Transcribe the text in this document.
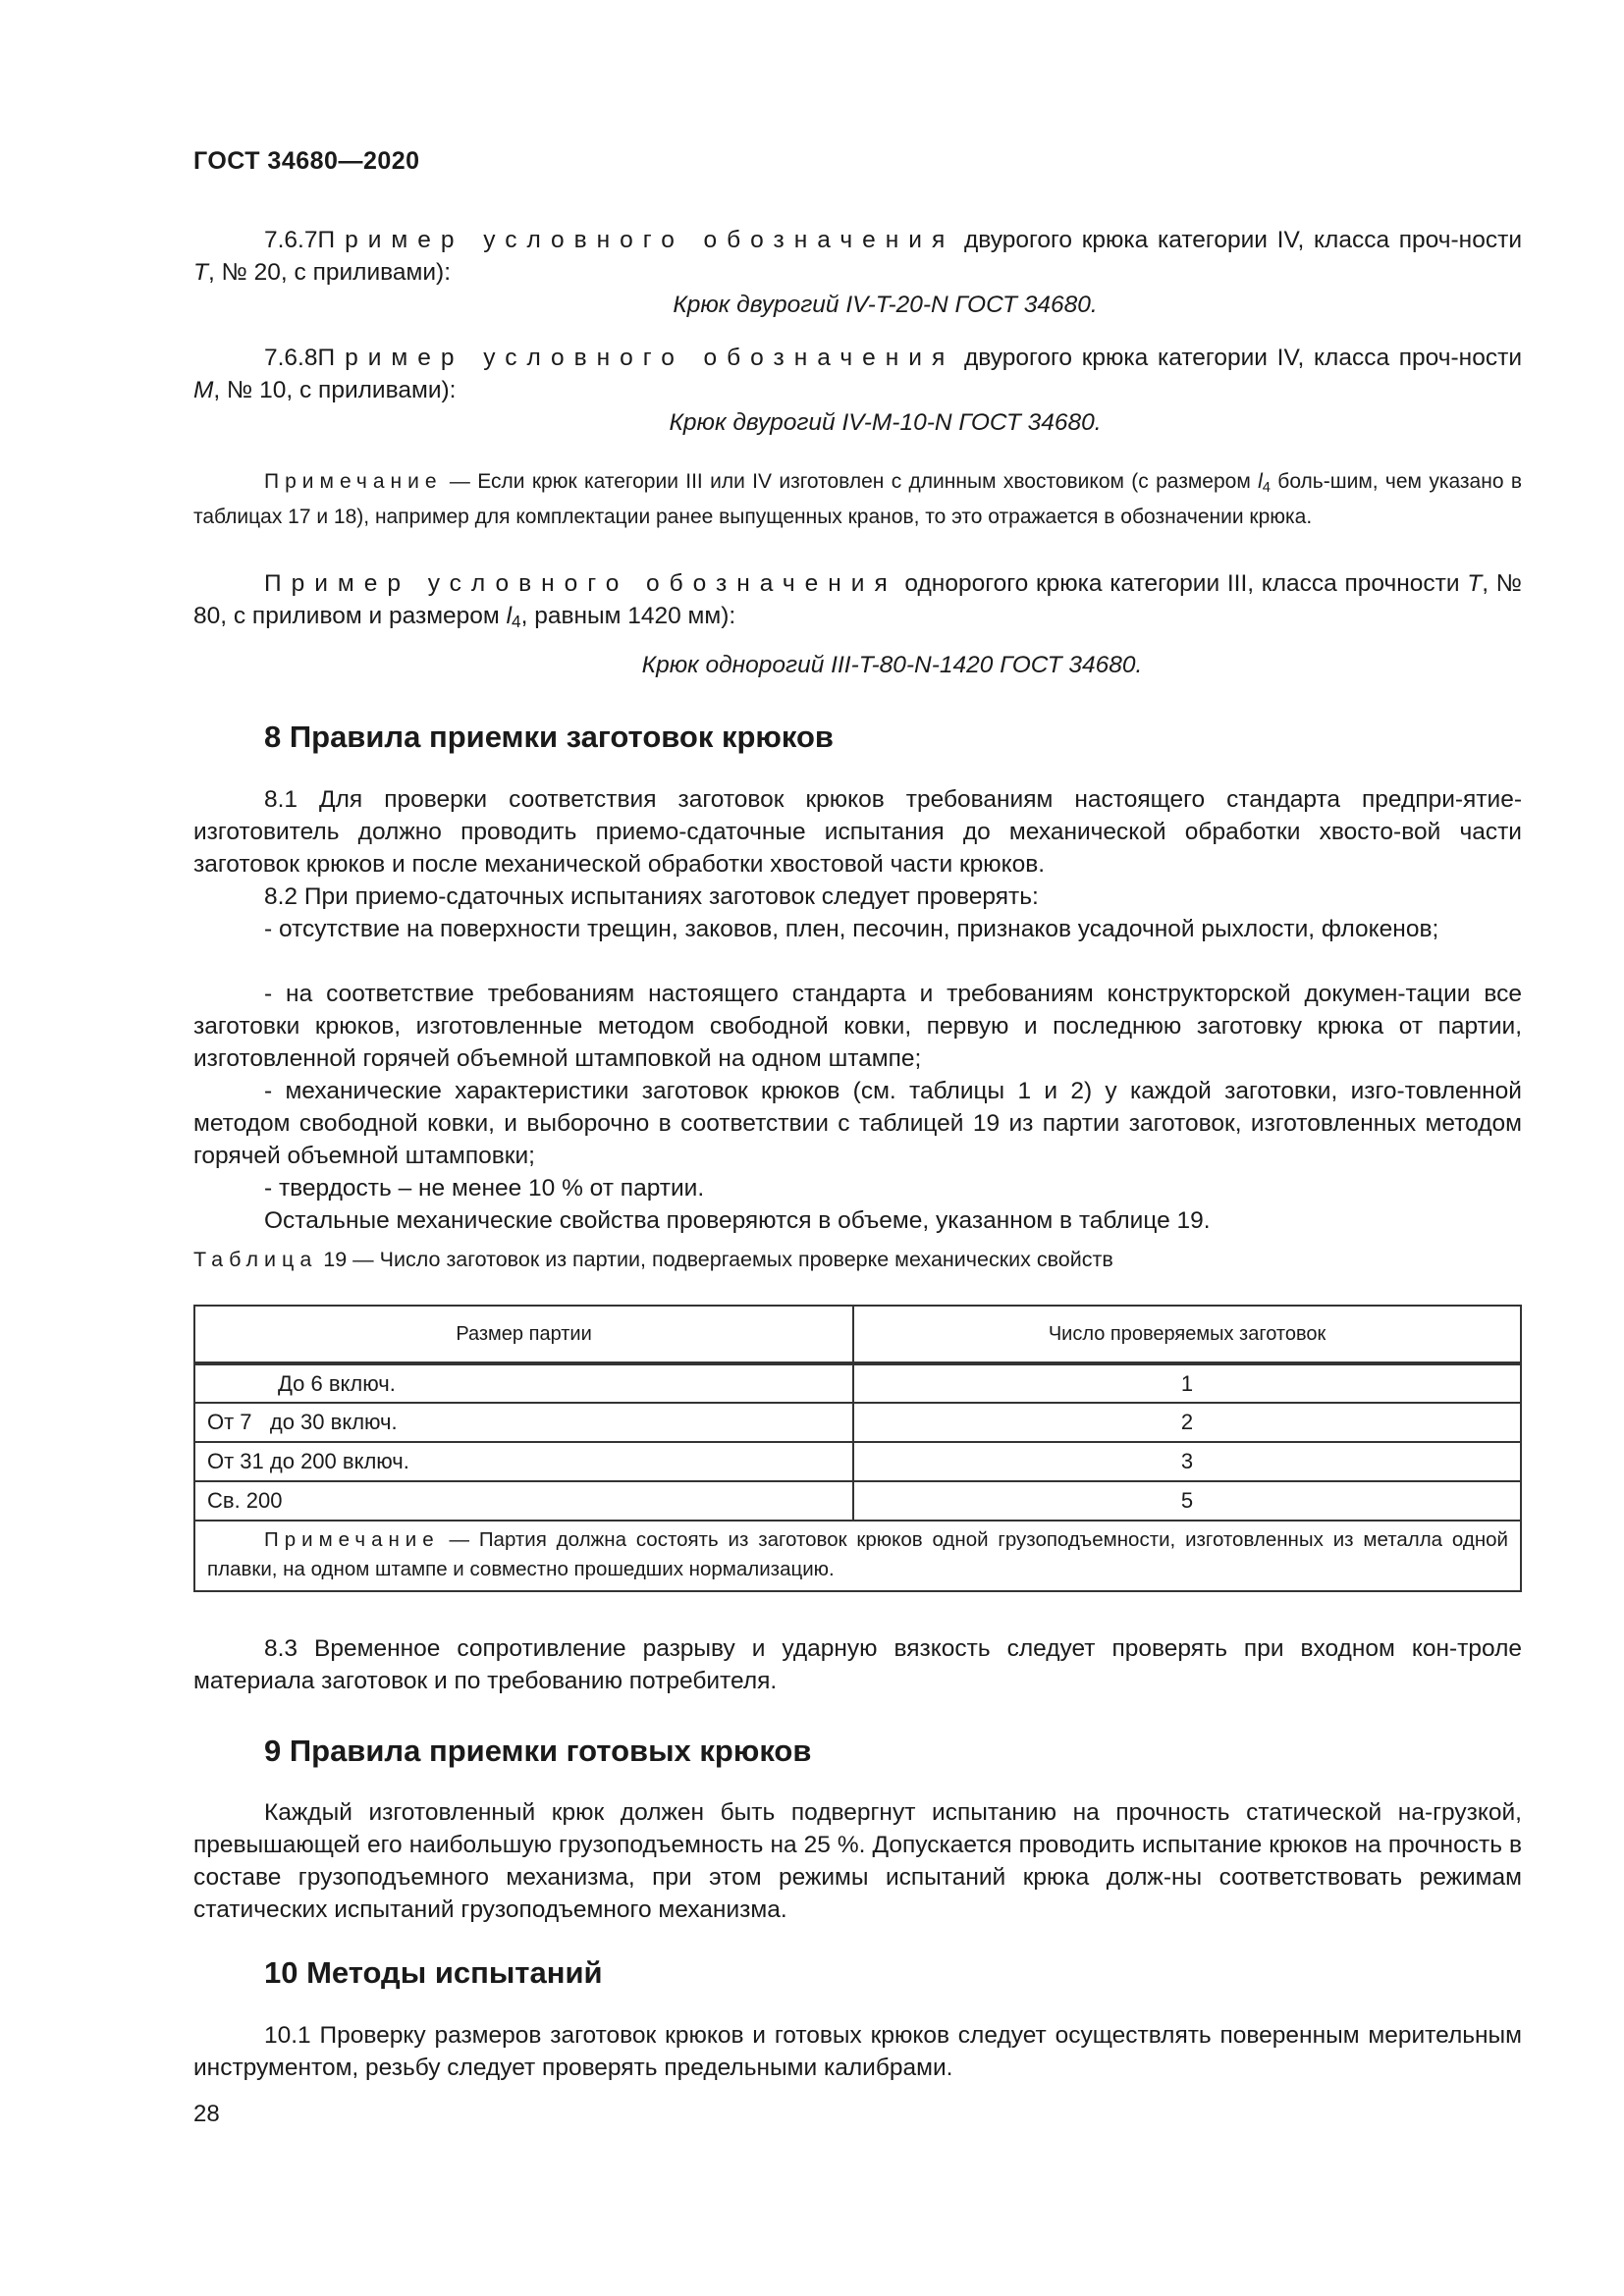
ГОСТ 34680—2020
7.6.7Пример условного обозначения двурогого крюка категории IV, класса проч-ности Т, № 20, с приливами):
Крюк двурогий IV-T-20-N ГОСТ 34680.
7.6.8Пример условного обозначения двурогого крюка категории IV, класса проч-ности М, № 10, с приливами):
Крюк двурогий IV-M-10-N ГОСТ 34680.
Примечание — Если крюк категории III или IV изготовлен с длинным хвостовиком (с размером $l_4$ боль-шим, чем указано в таблицах 17 и 18), например для комплектации ранее выпущенных кранов, то это отражается в обозначении крюка.
Пример условного обозначения однорогого крюка категории III, класса прочности Т, № 80, с приливом и размером $l_4$, равным 1420 мм):
Крюк однорогий III-T-80-N-1420 ГОСТ 34680.
8 Правила приемки заготовок крюков
8.1 Для проверки соответствия заготовок крюков требованиям настоящего стандарта предпри-ятие-изготовитель должно проводить приемо-сдаточные испытания до механической обработки хвосто-вой части заготовок крюков и после механической обработки хвостовой части крюков.
8.2 При приемо-сдаточных испытаниях заготовок следует проверять:
- отсутствие на поверхности трещин, заковов, плен, песочин, признаков усадочной рыхлости, флокенов;
- на соответствие требованиям настоящего стандарта и требованиям конструкторской докумен-тации все заготовки крюков, изготовленные методом свободной ковки, первую и последнюю заготовку крюка от партии, изготовленной горячей объемной штамповкой на одном штампе;
- механические характеристики заготовок крюков (см. таблицы 1 и 2) у каждой заготовки, изго-товленной методом свободной ковки, и выборочно в соответствии с таблицей 19 из партии заготовок, изготовленных методом горячей объемной штамповки;
- твердость – не менее 10 % от партии.
Остальные механические свойства проверяются в объеме, указанном в таблице 19.
Таблица 19 — Число заготовок из партии, подвергаемых проверке механических свойств
Размер партии	Число проверяемых заготовок
До 6 включ.	1
От 7   до 30 включ.	2
От 31 до 200 включ.	3
Св. 200	5
Примечание — Партия должна состоять из заготовок крюков одной грузоподъемности, изготовленных из металла одной плавки, на одном штампе и совместно прошедших нормализацию.	
8.3 Временное сопротивление разрыву и ударную вязкость следует проверять при входном кон-троле материала заготовок и по требованию потребителя.
9 Правила приемки готовых крюков
Каждый изготовленный крюк должен быть подвергнут испытанию на прочность статической на-грузкой, превышающей его наибольшую грузоподъемность на 25 %. Допускается проводить испытание крюков на прочность в составе грузоподъемного механизма, при этом режимы испытаний крюка долж-ны соответствовать режимам статических испытаний грузоподъемного механизма.
10 Методы испытаний
10.1 Проверку размеров заготовок крюков и готовых крюков следует осуществлять поверенным мерительным инструментом, резьбу следует проверять предельными калибрами.
28
